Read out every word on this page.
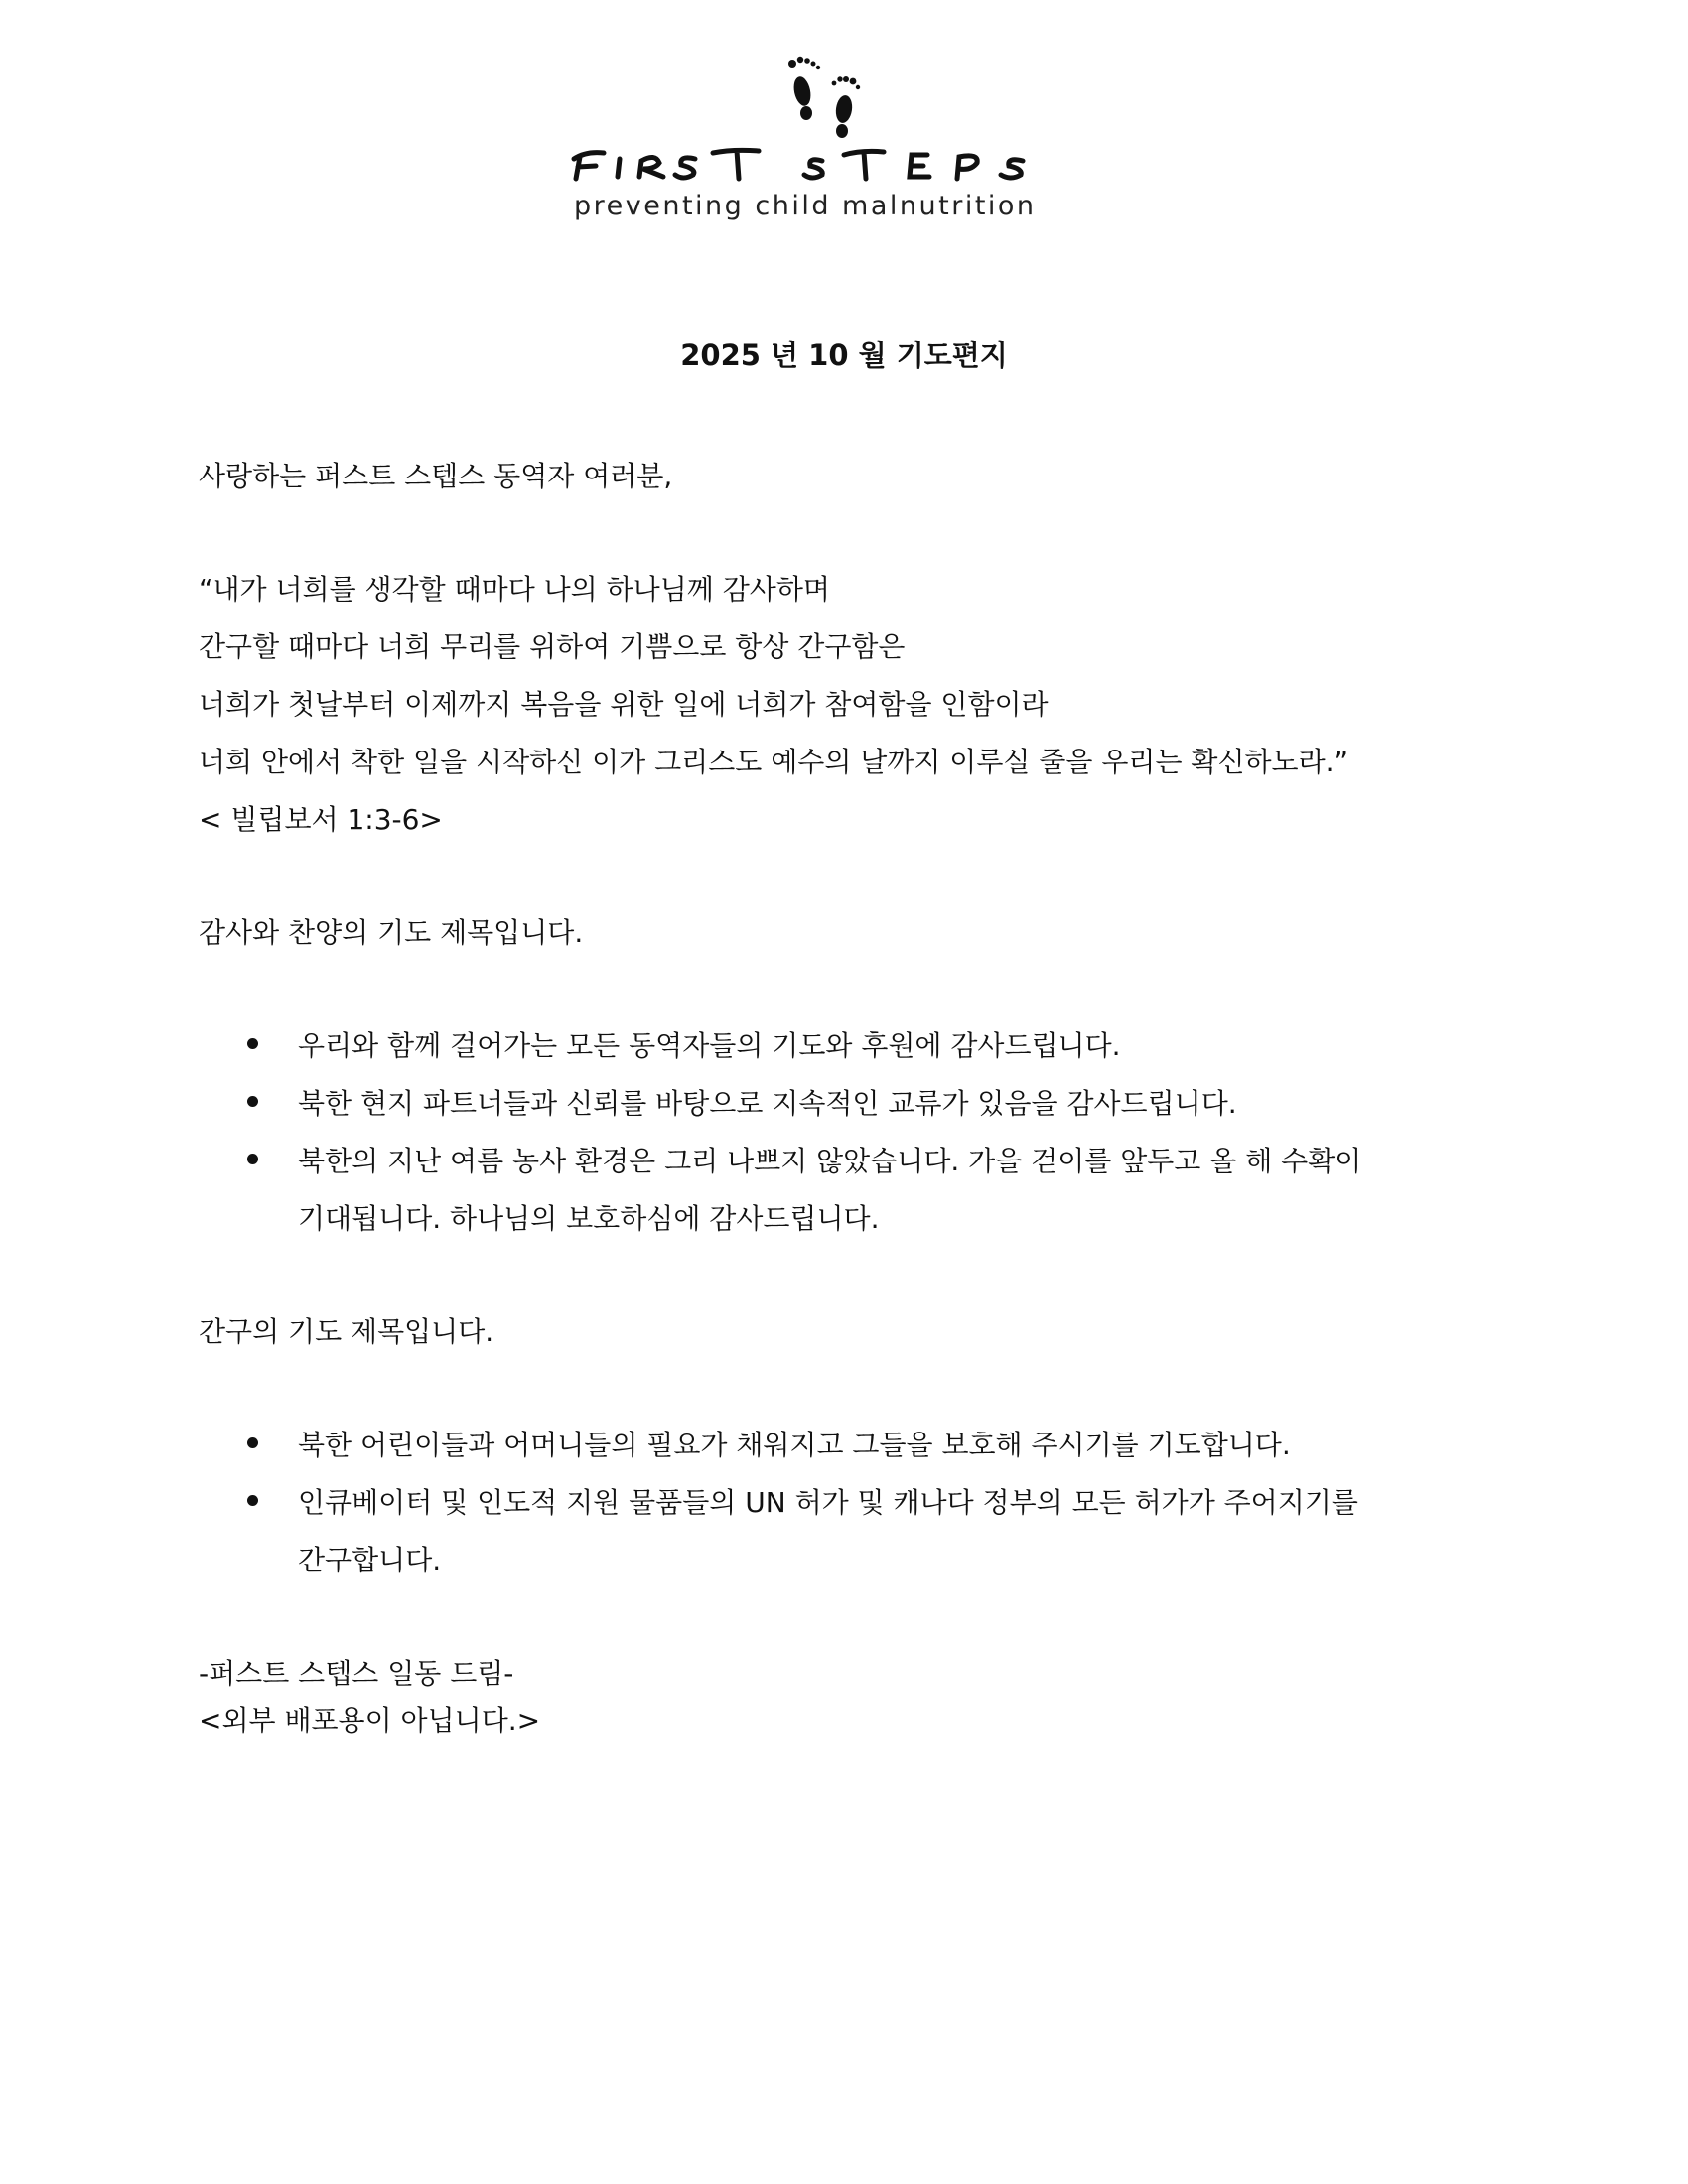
preventing child malnutrition
2025 년 10 월 기도편지
사랑하는 퍼스트 스텝스 동역자 여러분,
“내가 너희를 생각할 때마다 나의 하나님께 감사하며
간구할 때마다 너희 무리를 위하여 기쁨으로 항상 간구함은
너희가 첫날부터 이제까지 복음을 위한 일에 너희가 참여함을 인함이라
너희 안에서 착한 일을 시작하신 이가 그리스도 예수의 날까지 이루실 줄을 우리는 확신하노라.”
< 빌립보서 1:3-6>
감사와 찬양의 기도 제목입니다.
우리와 함께 걸어가는 모든 동역자들의 기도와 후원에 감사드립니다.
북한 현지 파트너들과 신뢰를 바탕으로 지속적인 교류가 있음을 감사드립니다.
북한의 지난 여름 농사 환경은 그리 나쁘지 않았습니다. 가을 걷이를 앞두고 올 해 수확이
기대됩니다. 하나님의 보호하심에 감사드립니다.
간구의 기도 제목입니다.
북한 어린이들과 어머니들의 필요가 채워지고 그들을 보호해 주시기를 기도합니다.
인큐베이터 및 인도적 지원 물품들의 UN 허가 및 캐나다 정부의 모든 허가가 주어지기를
간구합니다.
-퍼스트 스텝스 일동 드림-
<외부 배포용이 아닙니다.>
